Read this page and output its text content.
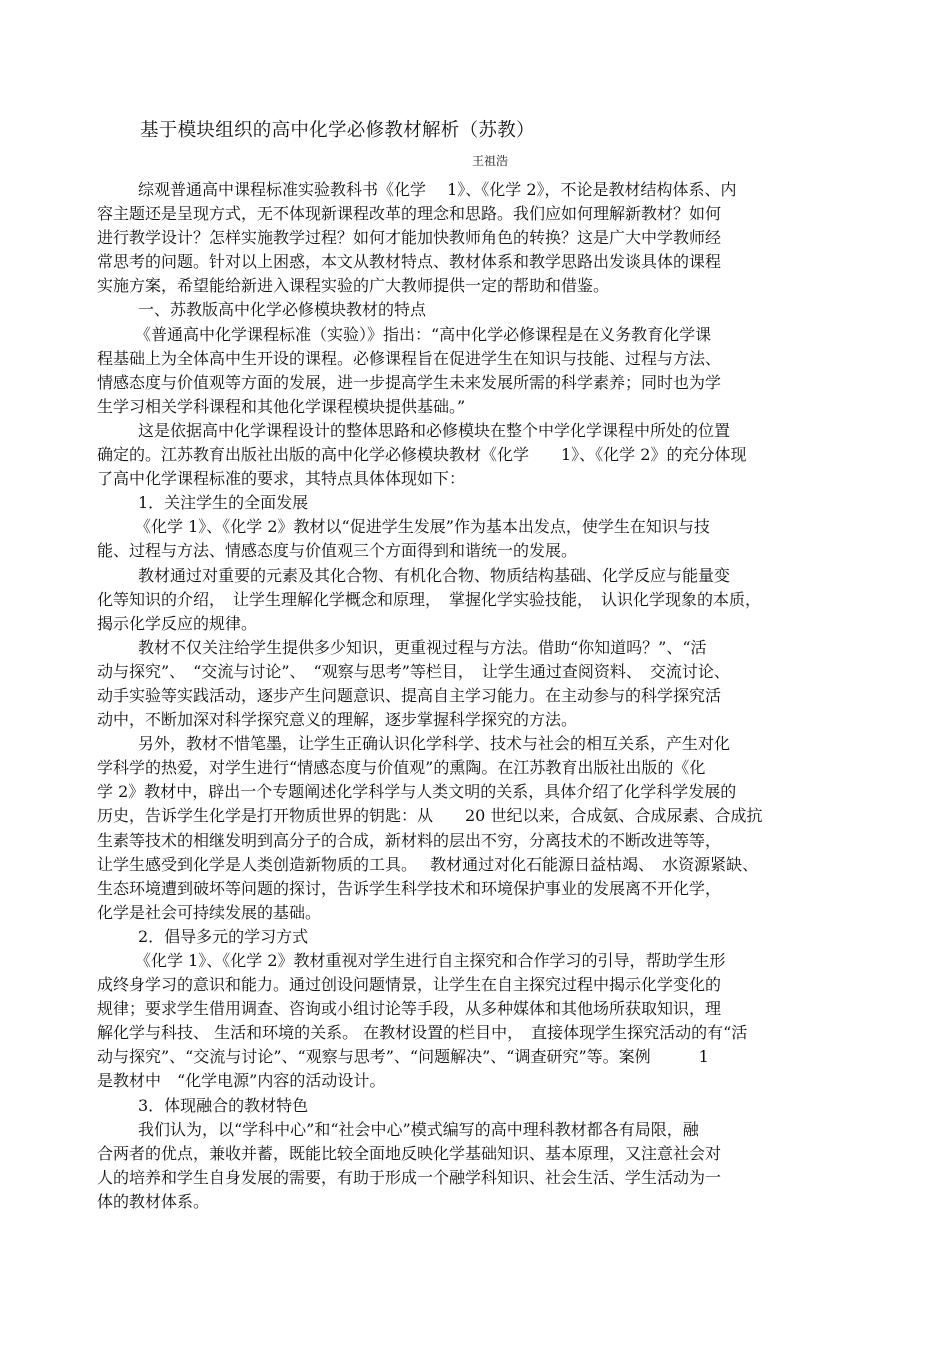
基于模块组织的高中化学必修教材解析（苏教）
王祖浩
综观普通高中课程标准实验教科书《化学　 1》、《化学 2》，不论是教材结构体系、内
容主题还是呈现方式，无不体现新课程改革的理念和思路。我们应如何理解新教材？如何
进行教学设计？怎样实施教学过程？如何才能加快教师角色的转换？这是广大中学教师经
常思考的问题。针对以上困惑，本文从教材特点、教材体系和教学思路出发谈具体的课程
实施方案，希望能给新进入课程实验的广大教师提供一定的帮助和借鉴。
一、苏教版高中化学必修模块教材的特点
《普通高中化学课程标准（实验）》指出：“高中化学必修课程是在义务教育化学课
程基础上为全体高中生开设的课程。必修课程旨在促进学生在知识与技能、过程与方法、
情感态度与价值观等方面的发展，进一步提高学生未来发展所需的科学素养；同时也为学
生学习相关学科课程和其他化学课程模块提供基础。”
这是依据高中化学课程设计的整体思路和必修模块在整个中学化学课程中所处的位置
确定的。江苏教育出版社出版的高中化学必修模块教材《化学　　1》、《化学 2》的充分体现
了高中化学课程标准的要求，其特点具体体现如下：
1．关注学生的全面发展
《化学 1》、《化学 2》教材以“促进学生发展”作为基本出发点，使学生在知识与技
能、过程与方法、情感态度与价值观三个方面得到和谐统一的发展。
教材通过对重要的元素及其化合物、有机化合物、物质结构基础、化学反应与能量变
化等知识的介绍，　让学生理解化学概念和原理，　掌握化学实验技能，　认识化学现象的本质，
揭示化学反应的规律。
教材不仅关注给学生提供多少知识，更重视过程与方法。借助“你知道吗？”、“活
动与探究”、　“交流与讨论”、　“观察与思考”等栏目，　让学生通过查阅资料、　交流讨论、
动手实验等实践活动，逐步产生问题意识、提高自主学习能力。在主动参与的科学探究活
动中，不断加深对科学探究意义的理解，逐步掌握科学探究的方法。
另外，教材不惜笔墨，让学生正确认识化学科学、技术与社会的相互关系，产生对化
学科学的热爱，对学生进行“情感态度与价值观”的熏陶。在江苏教育出版社出版的《化
学 2》教材中，辟出一个专题阐述化学科学与人类文明的关系，具体介绍了化学科学发展的
历史，告诉学生化学是打开物质世界的钥匙：从　　20 世纪以来，合成氨、合成尿素、合成抗
生素等技术的相继发明到高分子的合成，新材料的层出不穷，分离技术的不断改进等等，
让学生感受到化学是人类创造新物质的工具。　 教材通过对化石能源日益枯竭、　水资源紧缺、
生态环境遭到破坏等问题的探讨，告诉学生科学技术和环境保护事业的发展离不开化学，
化学是社会可持续发展的基础。
2．倡导多元的学习方式
《化学 1》、《化学 2》教材重视对学生进行自主探究和合作学习的引导，帮助学生形
成终身学习的意识和能力。通过创设问题情景，让学生在自主探究过程中揭示化学变化的
规律；要求学生借用调查、咨询或小组讨论等手段，从多种媒体和其他场所获取知识，理
解化学与科技、 生活和环境的关系。 在教材设置的栏目中，　直接体现学生探究活动的有“活
动与探究”、“交流与讨论”、“观察与思考”、“问题解决”、“调查研究”等。案例　　　1
是教材中　“化学电源”内容的活动设计。
3．体现融合的教材特色
我们认为，以“学科中心”和“社会中心”模式编写的高中理科教材都各有局限，融
合两者的优点，兼收并蓄，既能比较全面地反映化学基础知识、基本原理，又注意社会对
人的培养和学生自身发展的需要，有助于形成一个融学科知识、社会生活、学生活动为一
体的教材体系。
